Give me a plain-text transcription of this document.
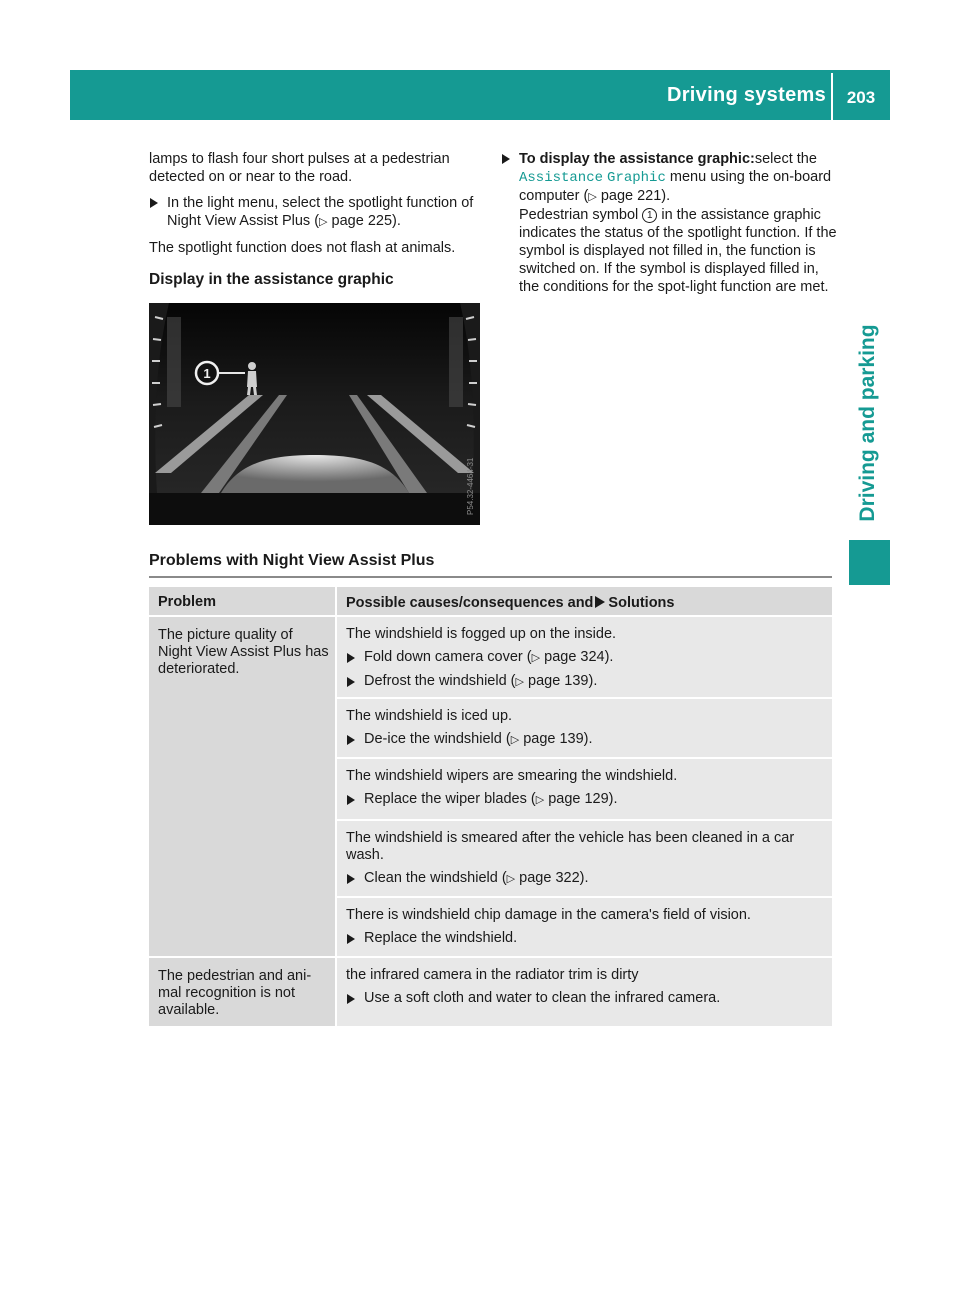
Driving systems	203
Driving and parking

lamps to flash four short pulses at a pedestrian detected on or near to the road.

In the light menu, select the spotlight function of Night View Assist Plus (▷ page 225).

The spotlight function does not flash at animals.

Display in the assistance graphic
1
P54.32-4464-31
To display the assistance graphic:select the Assistance Graphic menu using the on-board computer (▷ page 221).
Pedestrian symbol 1 in the assistance graphic indicates the status of the spotlight function. If the symbol is displayed not filled in, the function is switched on. If the symbol is displayed filled in, the conditions for the spot-light function are met.
Problems with Night View Assist Plus
Problem	Possible causes/consequences and Solutions
The picture quality of Night View Assist Plus has deteriorated.

The windshield is fogged up on the inside.

Fold down camera cover (▷ page 324).
Defrost the windshield (▷ page 139).

The windshield is iced up.

De-ice the windshield (▷ page 139).

The windshield wipers are smearing the windshield.

Replace the wiper blades (▷ page 129).

The windshield is smeared after the vehicle has been cleaned in a car wash.

Clean the windshield (▷ page 322).

There is windshield chip damage in the camera's field of vision.

Replace the windshield.
The pedestrian and ani-mal recognition is not available.

the infrared camera in the radiator trim is dirty

Use a soft cloth and water to clean the infrared camera.
